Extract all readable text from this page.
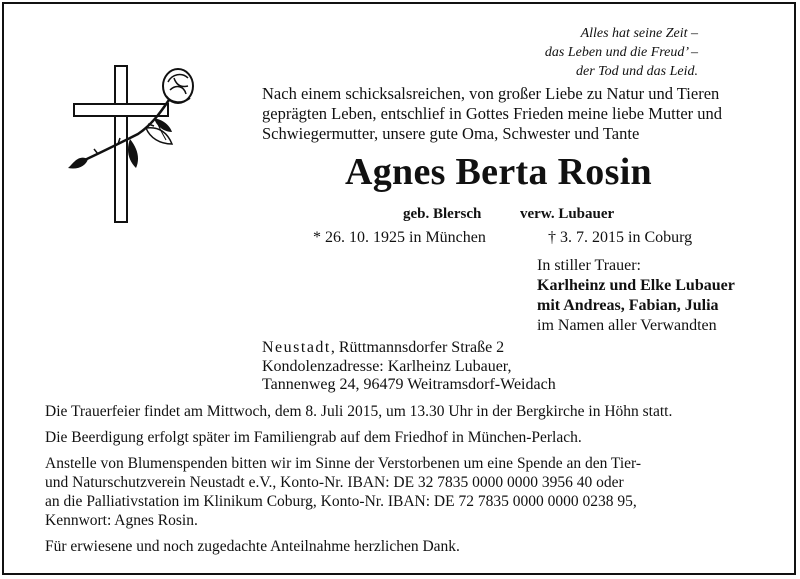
Alles hat seine Zeit –
das Leben und die Freud’ –
der Tod und das Leid.
Nach einem schicksalsreichen, von großer Liebe zu Natur und Tieren
geprägten Leben, entschlief in Gottes Frieden meine liebe Mutter und
Schwiegermutter, unsere gute Oma, Schwester und Tante
Agnes Berta Rosin
geb. Blersch	verw. Lubauer
* 26. 10. 1925 in München	† 3. 7. 2015 in Coburg
In stiller Trauer:
Karlheinz und Elke Lubauer
mit Andreas, Fabian, Julia
im Namen aller Verwandten
Neustadt, Rüttmannsdorfer Straße 2
Kondolenzadresse: Karlheinz Lubauer,
Tannenweg 24, 96479 Weitramsdorf-Weidach
Die Trauerfeier findet am Mittwoch, dem 8. Juli 2015, um 13.30 Uhr in der Bergkirche in Höhn statt.
Die Beerdigung erfolgt später im Familiengrab auf dem Friedhof in München-Perlach.
Anstelle von Blumenspenden bitten wir im Sinne der Verstorbenen um eine Spende an den Tier-
und Naturschutzverein Neustadt e.V., Konto-Nr. IBAN: DE 32 7835 0000 0000 3956 40 oder
an die Palliativstation im Klinikum Coburg, Konto-Nr. IBAN: DE 72 7835 0000 0000 0238 95,
Kennwort: Agnes Rosin.
Für erwiesene und noch zugedachte Anteilnahme herzlichen Dank.
